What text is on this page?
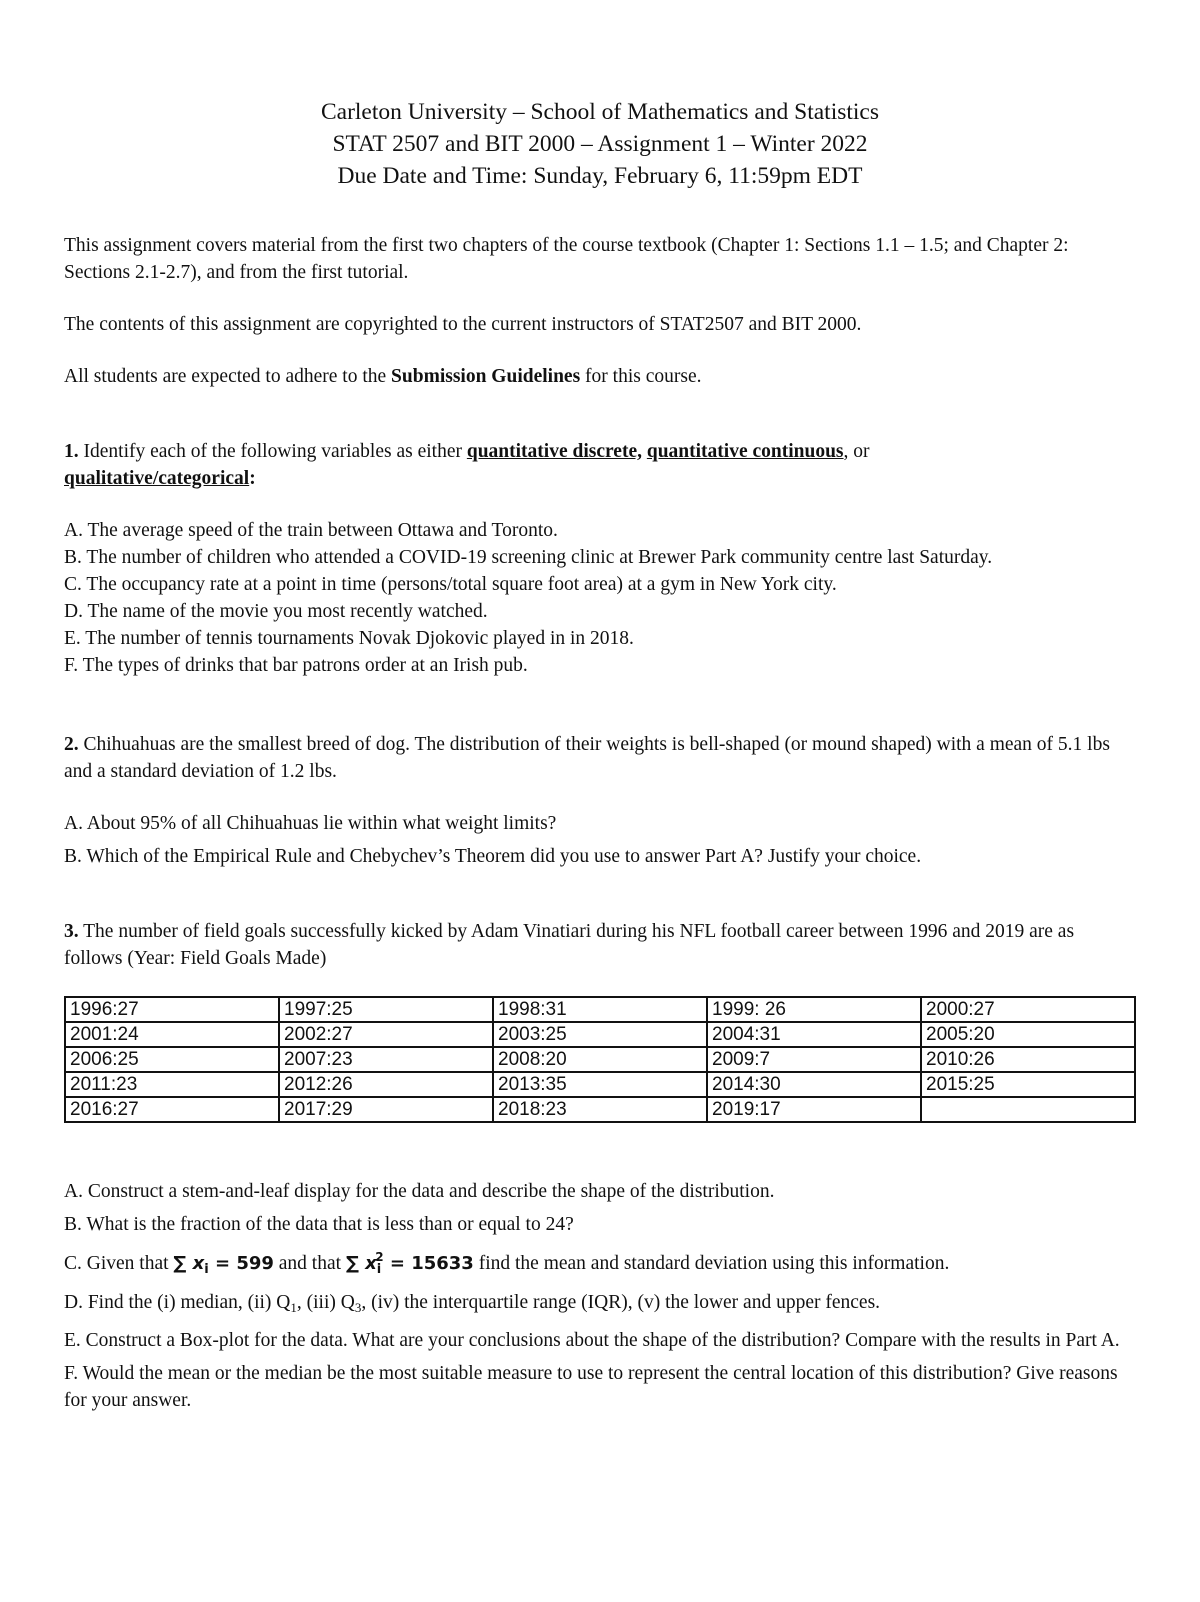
Carleton University – School of Mathematics and Statistics
STAT 2507 and BIT 2000 – Assignment 1 – Winter 2022
Due Date and Time: Sunday, February 6, 11:59pm EDT

This assignment covers material from the first two chapters of the course textbook (Chapter 1: Sections 1.1 – 1.5; and Chapter 2: Sections 2.1-2.7), and from the first tutorial.

The contents of this assignment are copyrighted to the current instructors of STAT2507 and BIT 2000.

All students are expected to adhere to the Submission Guidelines for this course.

1. Identify each of the following variables as either quantitative discrete, quantitative continuous, or
qualitative/categorical:

A. The average speed of the train between Ottawa and Toronto.

B. The number of children who attended a COVID-19 screening clinic at Brewer Park community centre last Saturday.

C. The occupancy rate at a point in time (persons/total square foot area) at a gym in New York city.

D. The name of the movie you most recently watched.

E. The number of tennis tournaments Novak Djokovic played in in 2018.

F. The types of drinks that bar patrons order at an Irish pub.

2. Chihuahuas are the smallest breed of dog. The distribution of their weights is bell-shaped (or mound shaped) with a mean of 5.1 lbs and a standard deviation of 1.2 lbs.

A. About 95% of all Chihuahuas lie within what weight limits?

B. Which of the Empirical Rule and Chebychev’s Theorem did you use to answer Part A? Justify your choice.

3. The number of field goals successfully kicked by Adam Vinatiari during his NFL football career between 1996 and 2019 are as follows (Year: Field Goals Made)

1996:27	1997:25	1998:31	1999: 26	2000:27
2001:24	2002:27	2003:25	2004:31	2005:20
2006:25	2007:23	2008:20	2009:7	2010:26
2011:23	2012:26	2013:35	2014:30	2015:25
2016:27	2017:29	2018:23	2019:17	

A. Construct a stem-and-leaf display for the data and describe the shape of the distribution.

B. What is the fraction of the data that is less than or equal to 24?

C. Given that ∑ $x_i = 599$ and that ∑ $x_i^2 = 15633$ find the mean and standard deviation using this information.

D. Find the (i) median, (ii) $Q_1$, (iii) $Q_3$, (iv) the interquartile range (IQR), (v) the lower and upper fences.

E. Construct a Box-plot for the data. What are your conclusions about the shape of the distribution? Compare with the results in Part A.

F. Would the mean or the median be the most suitable measure to use to represent the central location of this distribution? Give reasons for your answer.
